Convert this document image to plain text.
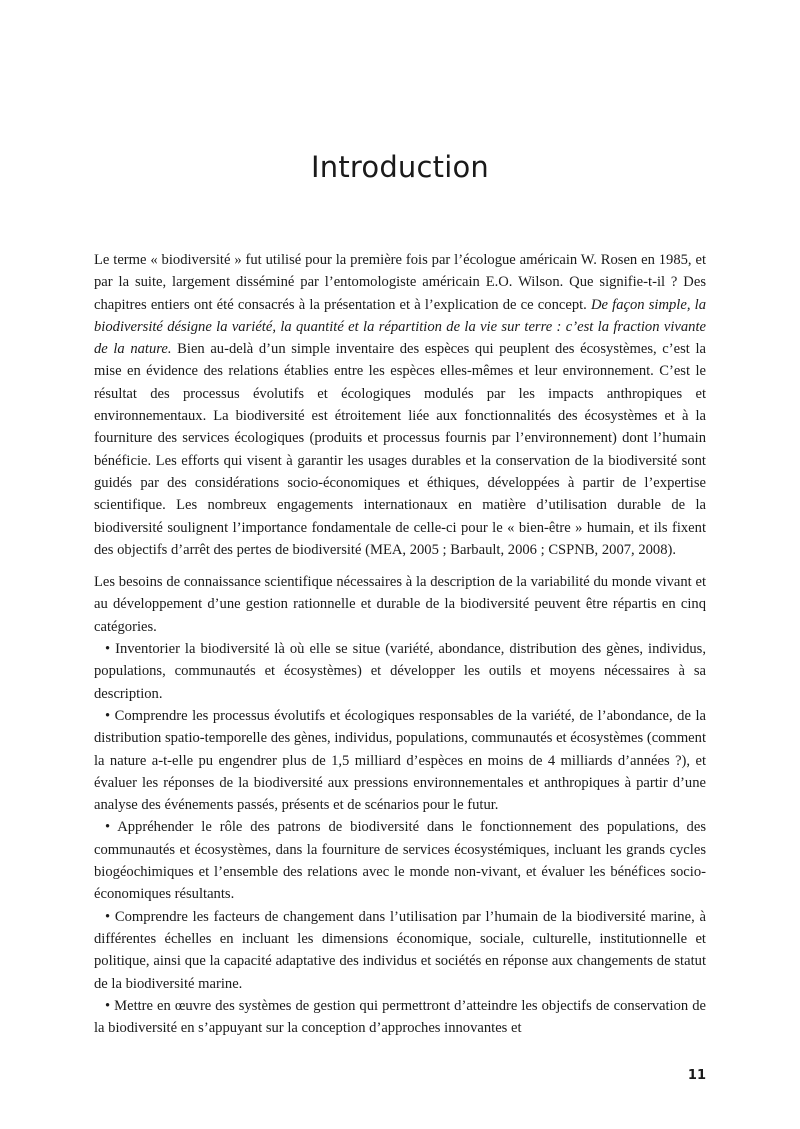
Introduction

Le terme « biodiversité » fut utilisé pour la première fois par l’écologue américain W. Rosen en 1985, et par la suite, largement disséminé par l’entomologiste américain E.O. Wilson. Que signifie-t-il ? Des chapitres entiers ont été consacrés à la présentation et à l’explication de ce concept. De façon simple, la biodiversité désigne la variété, la quantité et la répartition de la vie sur terre : c’est la fraction vivante de la nature. Bien au-delà d’un simple inventaire des espèces qui peuplent des écosystèmes, c’est la mise en évidence des relations établies entre les espèces elles-mêmes et leur environnement. C’est le résultat des processus évolutifs et écologiques modulés par les impacts anthropiques et environnementaux. La biodiversité est étroitement liée aux fonctionnalités des écosystèmes et à la fourniture des services écologiques (produits et processus fournis par l’environnement) dont l’humain bénéficie. Les efforts qui visent à garantir les usages durables et la conservation de la biodiversité sont guidés par des considérations socio-économiques et éthiques, développées à partir de l’expertise scientifique. Les nombreux engagements internationaux en matière d’utilisation durable de la biodiversité soulignent l’importance fondamentale de celle-ci pour le « bien-être » humain, et ils fixent des objectifs d’arrêt des pertes de biodiversité (MEA, 2005 ; Barbault, 2006 ; CSPNB, 2007, 2008).

Les besoins de connaissance scientifique nécessaires à la description de la variabilité du monde vivant et au développement d’une gestion rationnelle et durable de la biodiversité peuvent être répartis en cinq catégories.

• Inventorier la biodiversité là où elle se situe (variété, abondance, distribution des gènes, individus, populations, communautés et écosystèmes) et développer les outils et moyens nécessaires à sa description.

• Comprendre les processus évolutifs et écologiques responsables de la variété, de l’abondance, de la distribution spatio-temporelle des gènes, individus, populations, communautés et écosystèmes (comment la nature a-t-elle pu engendrer plus de 1,5 milliard d’espèces en moins de 4 milliards d’années ?), et évaluer les réponses de la biodiversité aux pressions environnementales et anthropiques à partir d’une analyse des événements passés, présents et de scénarios pour le futur.

• Appréhender le rôle des patrons de biodiversité dans le fonctionnement des populations, des communautés et écosystèmes, dans la fourniture de services écosystémiques, incluant les grands cycles biogéochimiques et l’ensemble des relations avec le monde non-vivant, et évaluer les bénéfices socio-économiques résultants.

• Comprendre les facteurs de changement dans l’utilisation par l’humain de la biodiversité marine, à différentes échelles en incluant les dimensions économique, sociale, culturelle, institutionnelle et politique, ainsi que la capacité adaptative des individus et sociétés en réponse aux changements de statut de la biodiversité marine.

• Mettre en œuvre des systèmes de gestion qui permettront d’atteindre les objectifs de conservation de la biodiversité en s’appuyant sur la conception d’approches innovantes et

11
